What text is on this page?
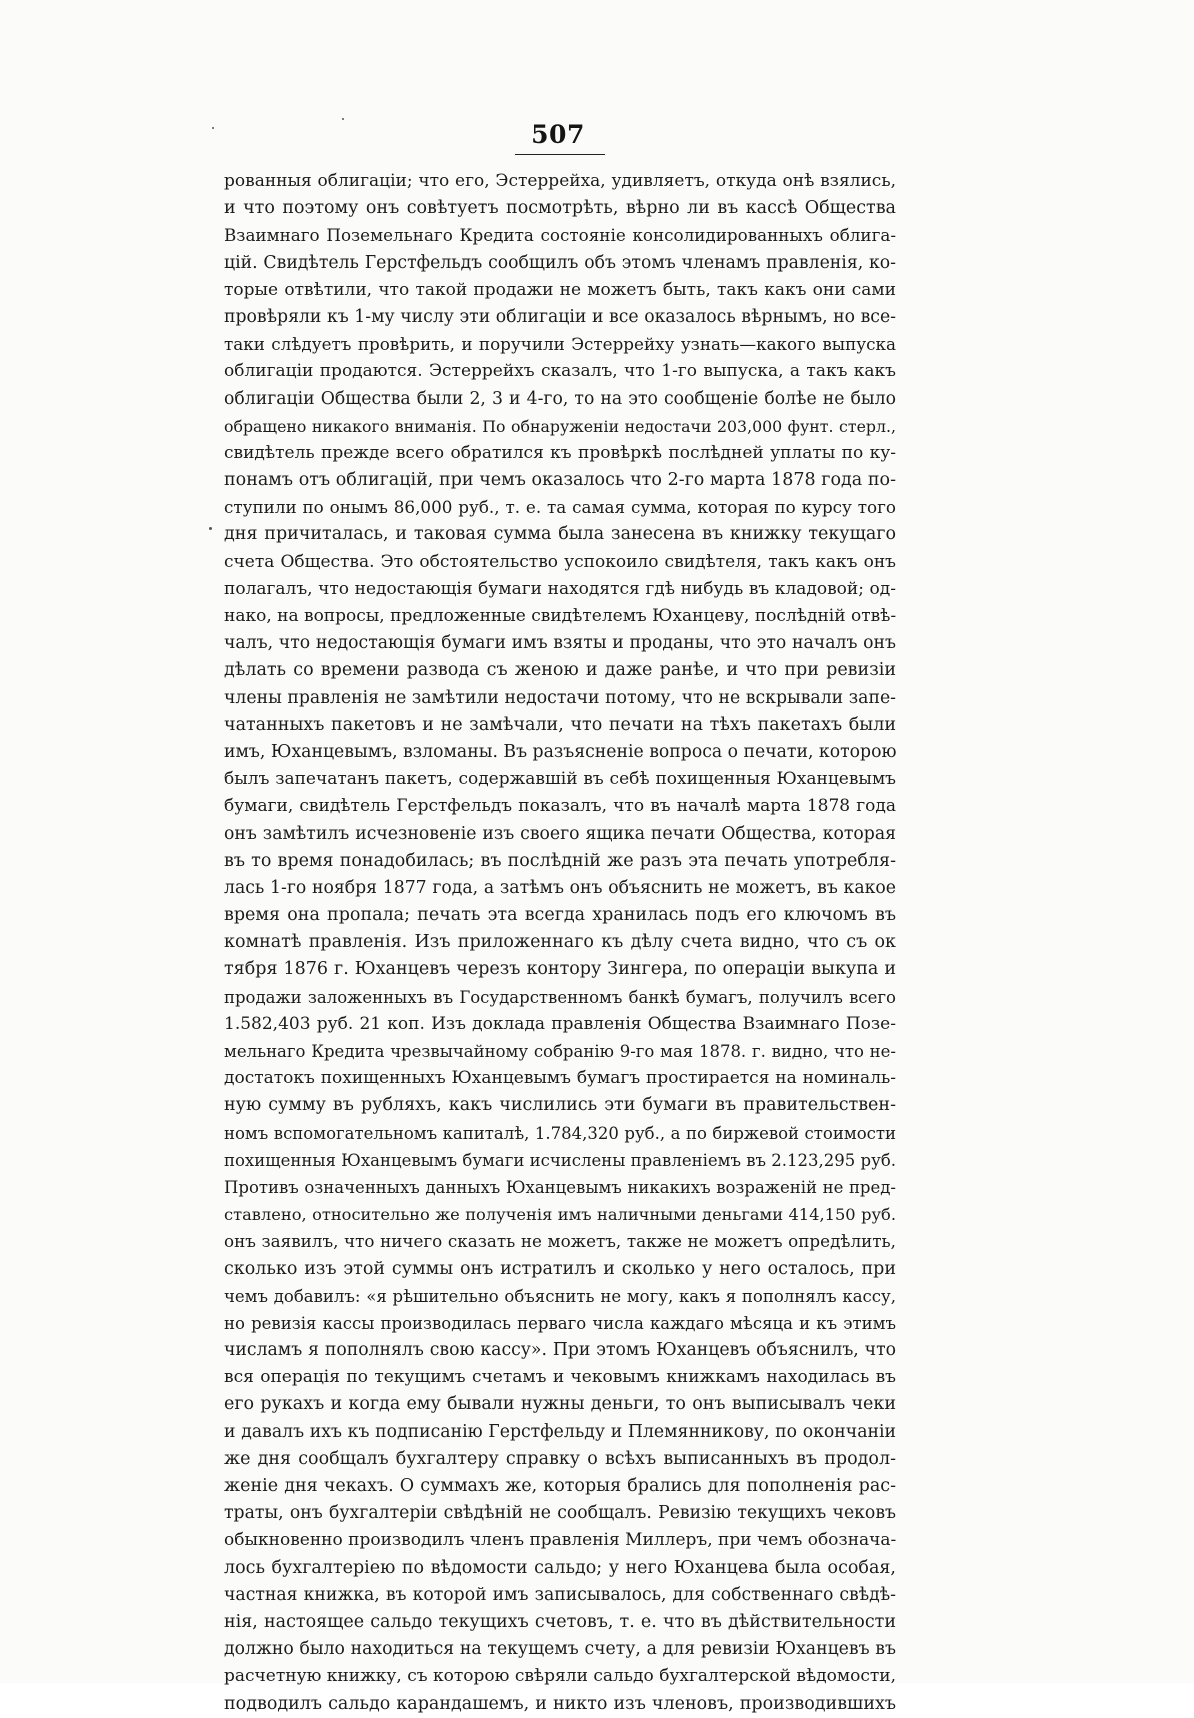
507
рованныя облигаціи; что его, Эстеррейха, удивляетъ, откуда онѣ взялись,
и что поэтому онъ совѣтуетъ посмотрѣть, вѣрно ли въ кассѣ Общества
Взаимнаго Поземельнаго Кредита состояніе консолидированныхъ облига-
цій. Свидѣтель Герстфельдъ сообщилъ объ этомъ членамъ правленія, ко-
торые отвѣтили, что такой продажи не можетъ быть, такъ какъ они сами
провѣряли къ 1-му числу эти облигаціи и все оказалось вѣрнымъ, но все-
таки слѣдуетъ провѣрить, и поручили Эстеррейху узнать—какого выпуска
облигаціи продаются. Эстеррейхъ сказалъ, что 1-го выпуска, а такъ какъ
облигаціи Общества были 2, 3 и 4-го, то на это сообщеніе болѣе не было
обращено никакого вниманія. По обнаруженіи недостачи 203,000 фунт. стерл.,
свидѣтель прежде всего обратился къ провѣркѣ послѣдней уплаты по ку-
понамъ отъ облигацій, при чемъ оказалось что 2-го марта 1878 года по-
ступили по онымъ 86,000 руб., т. е. та самая сумма, которая по курсу того
дня причиталась, и таковая сумма была занесена въ книжку текущаго
счета Общества. Это обстоятельство успокоило свидѣтеля, такъ какъ онъ
полагалъ, что недостающія бумаги находятся гдѣ нибудь въ кладовой; од-
нако, на вопросы, предложенные свидѣтелемъ Юханцеву, послѣдній отвѣ-
чалъ, что недостающія бумаги имъ взяты и проданы, что это началъ онъ
дѣлать со времени развода съ женою и даже ранѣе, и что при ревизіи
члены правленія не замѣтили недостачи потому, что не вскрывали запе-
чатанныхъ пакетовъ и не замѣчали, что печати на тѣхъ пакетахъ были
имъ, Юханцевымъ, взломаны. Въ разъясненіе вопроса о печати, которою
былъ запечатанъ пакетъ, содержавшій въ себѣ похищенныя Юханцевымъ
бумаги, свидѣтель Герстфельдъ показалъ, что въ началѣ марта 1878 года
онъ замѣтилъ исчезновеніе изъ своего ящика печати Общества, которая
въ то время понадобилась; въ послѣдній же разъ эта печать употребля-
лась 1-го ноября 1877 года, а затѣмъ онъ объяснить не можетъ, въ какое
время она пропала; печать эта всегда хранилась подъ его ключомъ въ
комнатѣ правленія. Изъ приложеннаго къ дѣлу счета видно, что съ ок
тября 1876 г. Юханцевъ черезъ контору Зингера, по операціи выкупа и
продажи заложенныхъ въ Государственномъ банкѣ бумагъ, получилъ всего
1.582,403 руб. 21 коп. Изъ доклада правленія Общества Взаимнаго Позе-
мельнаго Кредита чрезвычайному собранію 9-го мая 1878. г. видно, что не-
достатокъ похищенныхъ Юханцевымъ бумагъ простирается на номиналь-
ную сумму въ рубляхъ, какъ числились эти бумаги въ правительствен-
номъ вспомогательномъ капиталѣ, 1.784,320 руб., а по биржевой стоимости
похищенныя Юханцевымъ бумаги исчислены правленіемъ въ 2.123,295 руб.
Противъ означенныхъ данныхъ Юханцевымъ никакихъ возраженій не пред-
ставлено, относительно же полученія имъ наличными деньгами 414,150 руб.
онъ заявилъ, что ничего сказать не можетъ, также не можетъ опредѣлить,
сколько изъ этой суммы онъ истратилъ и сколько у него осталось, при
чемъ добавилъ: «я рѣшительно объяснить не могу, какъ я пополнялъ кассу,
но ревизія кассы производилась перваго числа каждаго мѣсяца и къ этимъ
числамъ я пополнялъ свою кассу». При этомъ Юханцевъ объяснилъ, что
вся операція по текущимъ счетамъ и чековымъ книжкамъ находилась въ
его рукахъ и когда ему бывали нужны деньги, то онъ выписывалъ чеки
и давалъ ихъ къ подписанію Герстфельду и Племянникову, по окончаніи
же дня сообщалъ бухгалтеру справку о всѣхъ выписанныхъ въ продол-
женіе дня чекахъ. О суммахъ же, которыя брались для пополненія рас-
траты, онъ бухгалтеріи свѣдѣній не сообщалъ. Ревизію текущихъ чековъ
обыкновенно производилъ членъ правленія Миллеръ, при чемъ обозначa-
лось бухгалтеріею по вѣдомости сальдо; у него Юханцева была особая,
частная книжка, въ которой имъ записывалось, для собственнаго свѣдѣ-
нія, настоящее сальдо текущихъ счетовъ, т. е. что въ дѣйствительности
должно было находиться на текущемъ счету, а для ревизіи Юханцевъ въ
расчетную книжку, съ которою свѣряли сальдо бухгалтерской вѣдомости,
подводилъ сальдо карандашемъ, и никто изъ членовъ, производившихъ
